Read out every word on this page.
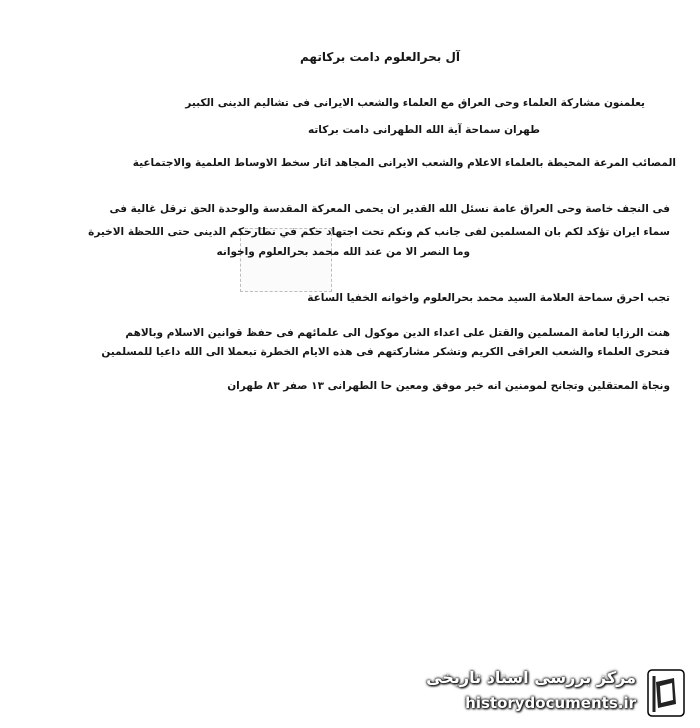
آل بحرالعلوم دامت بركاتهم
يعلمنون مشاركة العلماء وحى العراق مع العلماء والشعب الايرانى فى تشاليم الدينى الكبير
طهران سماحة آية الله الطهرانى دامت بركاته
المصائب المرعة المحيطة بالعلماء الاعلام والشعب الايرانى المجاهد اثار سخط الاوساط العلمية والاجتماعية
فى النجف خاصة وحى العراق عامة نسئل الله القدير ان يحمى المعركة المقدسة والوحدة الحق ترقل غالية فى
سماء ايران تؤكد لكم بان المسلمين لفى جانب كم ونكم تحت اجتهاد حكم في نطارحكم الدينى حتى اللحظة الاخيرة
وما النصر الا من عند الله محمد بحرالعلوم واخوانه
تجب احرق سماحة العلامة السيد محمد بحرالعلوم واخوانه الخفيا الساعة
هنت الرزايا لعامة المسلمين والقتل على اعداء الدين موكول الى علمائهم فى حفظ قوانين الاسلام وبالاهم
فتحرى العلماء والشعب العراقى الكريم وتشكر مشاركتهم فى هذه الايام الخطرة تبعملا الى الله داعيا للمسلمين
ونجاة المعتقلين وتجانح لمومنين انه خير موفق ومعين حا الطهرانى ١٣ صفر ٨٣ طهران
مرکز بررسی اسناد تاریخی
historydocuments.ir
